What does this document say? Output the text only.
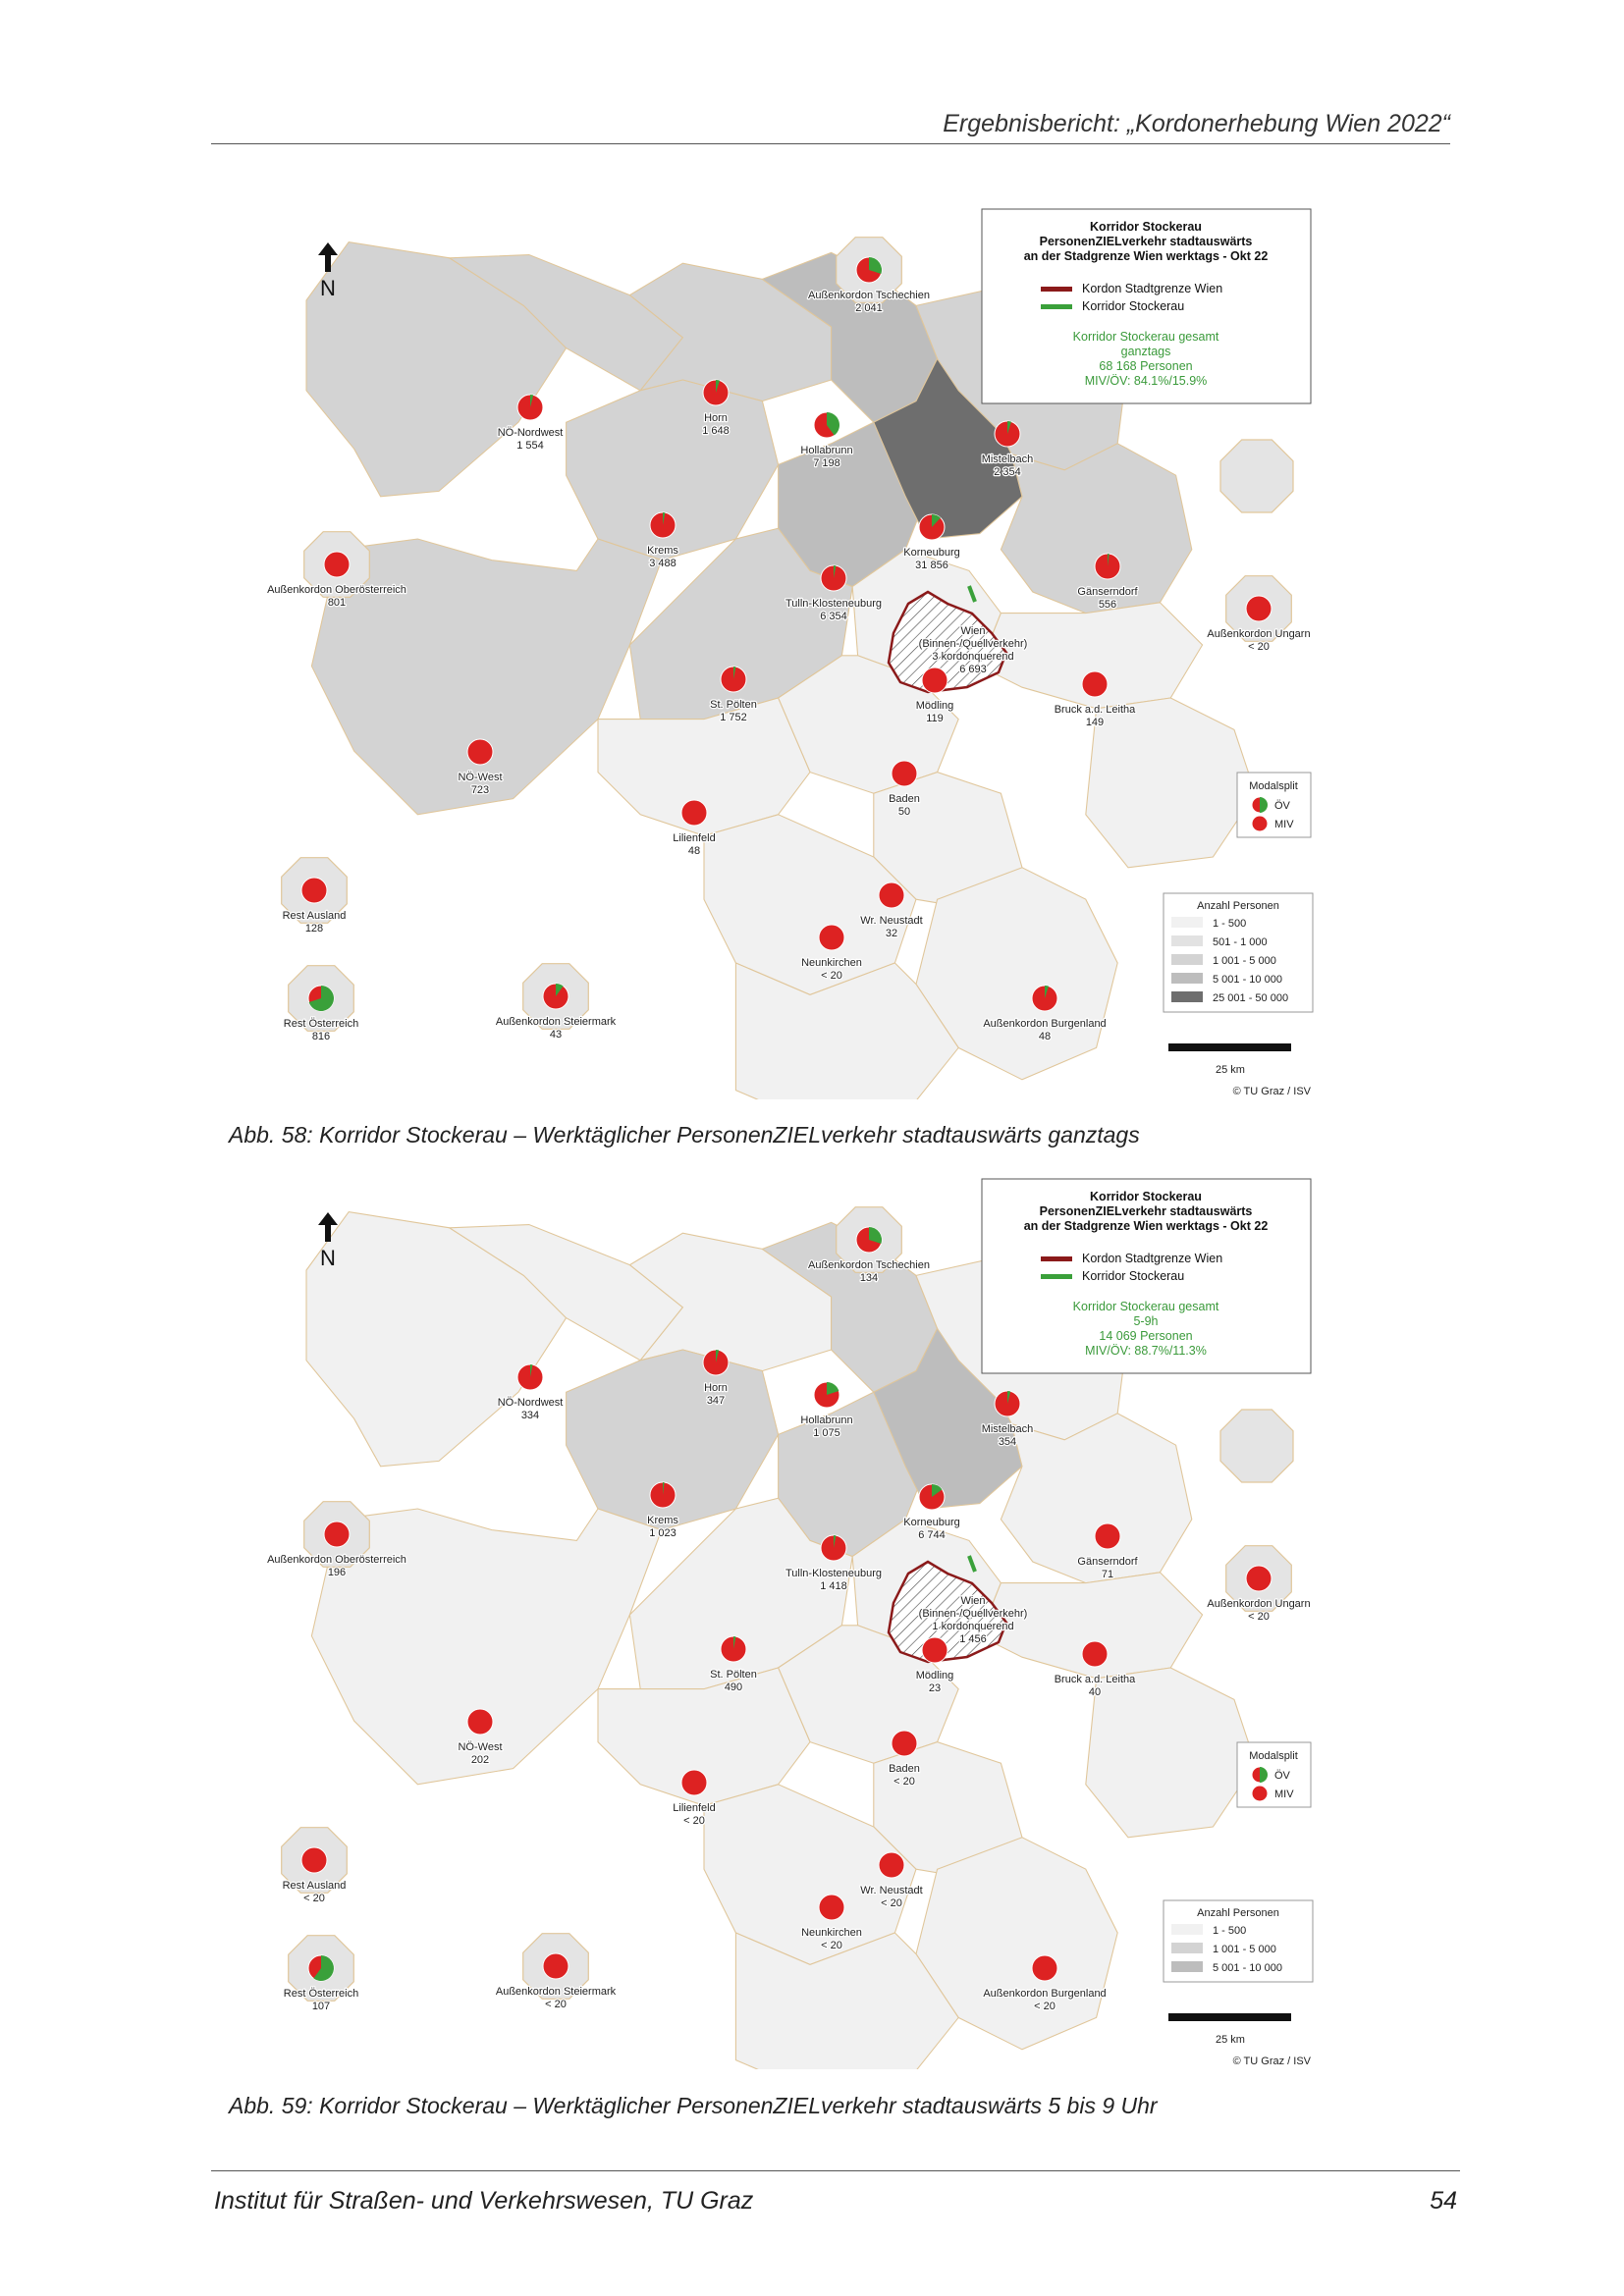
Ergebnisbericht: „Kordonerhebung Wien 2022“
Wien
(Binnen-/Quellverkehr)
3 kordonquerend
6 693
Außenkordon Tschechien
2 041
NÖ-Nordwest
1 554
Horn
1 648
Hollabrunn
7 198	Mistelbach
2 354
Krems
3 488
Korneuburg
31 856
Tulln-Klosteneuburg
6 354
Gänserndorf
556
Außenkordon Oberösterreich
801
Außenkordon Ungarn
< 20
St. Pölten
1 752
Mödling
119
Bruck a.d. Leitha
149
NÖ-West
723
Baden
50
Lilienfeld
48
Rest Ausland
128
Wr. Neustadt
32
Neunkirchen
< 20
Rest Österreich
816
Außenkordon Steiermark
43
Außenkordon Burgenland
48
N
Korridor Stockerau
PersonenZIELverkehr stadtauswärts
an der Stadgrenze Wien werktags - Okt 22
Kordon Stadtgrenze Wien
Korridor Stockerau
Korridor Stockerau gesamt
ganztags
68 168 Personen
MIV/ÖV: 84.1%/15.9%
Modalsplit
ÖV
MIV
Anzahl Personen
1 - 500
501 - 1 000
1 001 - 5 000
5 001 - 10 000
25 001 - 50 000
25 km
© TU Graz / ISV
Abb. 58: Korridor Stockerau – Werktäglicher PersonenZIELverkehr stadtauswärts ganztags
Wien
(Binnen-/Quellverkehr)
1 kordonquerend
1 456
Außenkordon Tschechien
134
NÖ-Nordwest
334
Horn
347
Hollabrunn
1 075	Mistelbach
354
Krems
1 023
Korneuburg
6 744
Tulln-Klosteneuburg
1 418
Gänserndorf
71
Außenkordon Oberösterreich
196
Außenkordon Ungarn
< 20
St. Pölten
490
Mödling
23
Bruck a.d. Leitha
40
NÖ-West
202
Baden
< 20
Lilienfeld
< 20
Rest Ausland
< 20
Wr. Neustadt
< 20
Neunkirchen
< 20
Rest Österreich
107
Außenkordon Steiermark
< 20
Außenkordon Burgenland
< 20
N
Korridor Stockerau
PersonenZIELverkehr stadtauswärts
an der Stadgrenze Wien werktags - Okt 22
Kordon Stadtgrenze Wien
Korridor Stockerau
Korridor Stockerau gesamt
5-9h
14 069 Personen
MIV/ÖV: 88.7%/11.3%
Modalsplit
ÖV
MIV
Anzahl Personen
1 - 500
1 001 - 5 000
5 001 - 10 000
25 km
© TU Graz / ISV
Abb. 59: Korridor Stockerau – Werktäglicher PersonenZIELverkehr stadtauswärts 5 bis 9 Uhr
Institut für Straßen- und Verkehrswesen, TU Graz	54
